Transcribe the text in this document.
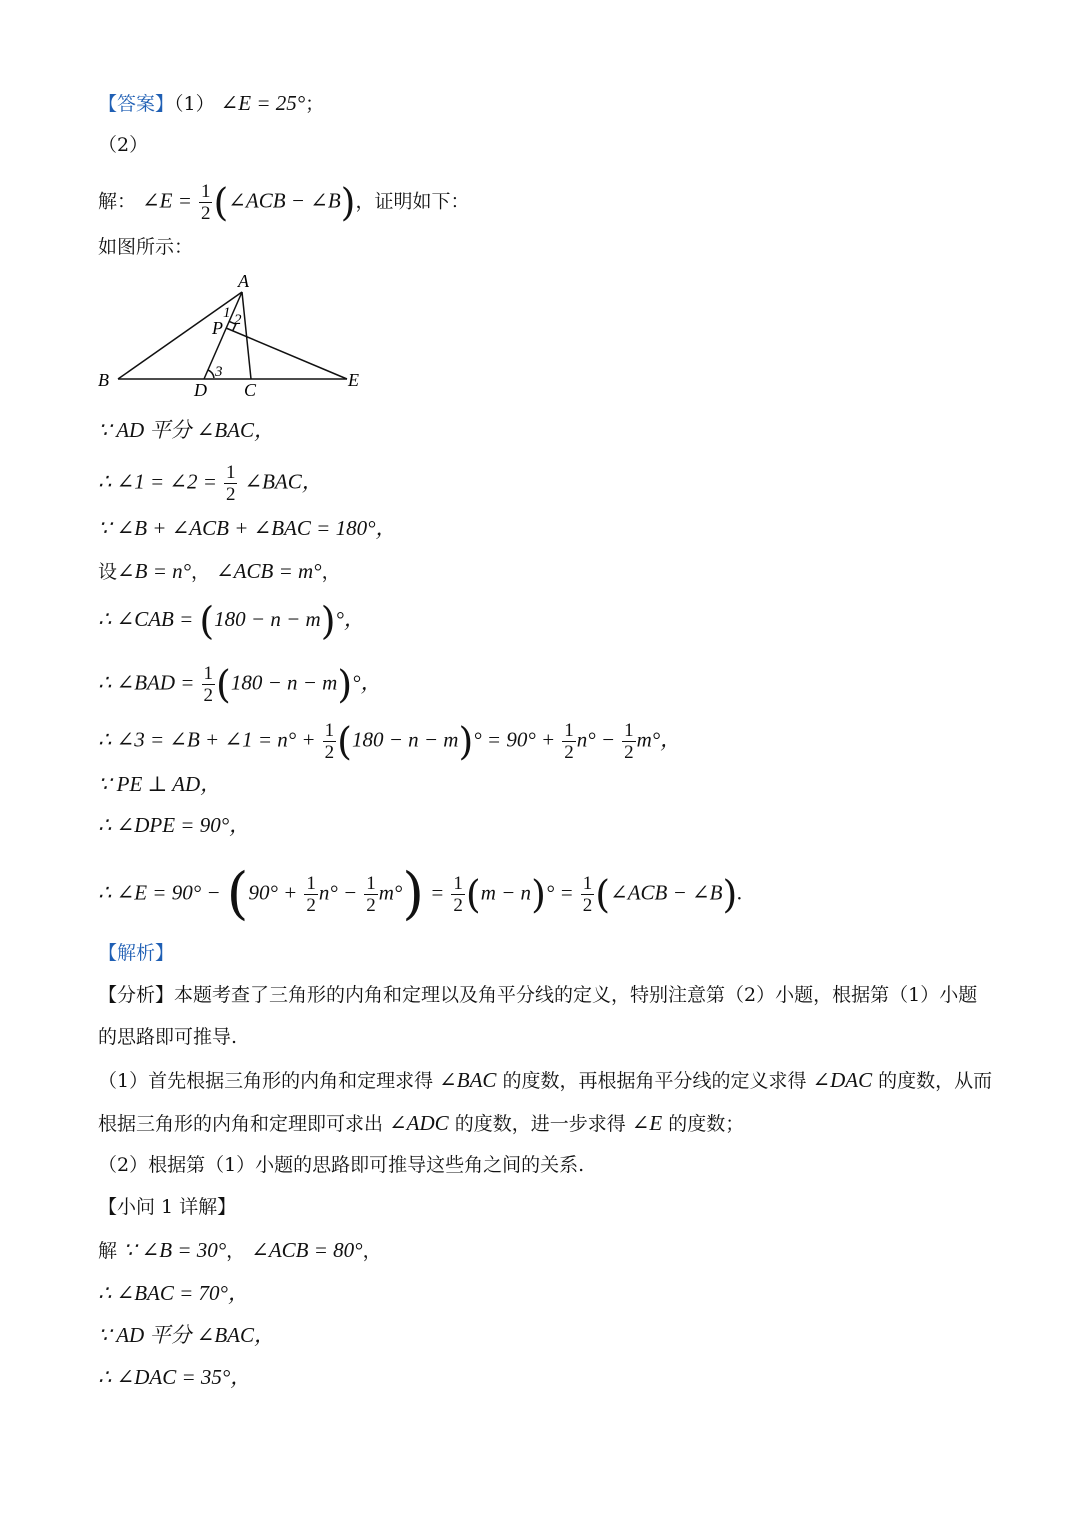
【答案】（1） ∠E = 25°；
（2）
解： ∠E = $\frac{1}{2}$ (∠ACB − ∠B)，证明如下：
如图所示：
A
B	C
D	E
P
1 2
3
∵ AD 平分 ∠BAC，
∴ ∠1 = ∠2 = $\frac{1}{2}$ ∠BAC，
∵ ∠B + ∠ACB + ∠BAC = 180°，
设∠B = n°， ∠ACB = m°，
∴ ∠CAB = (180 − n − m)°，
∴ ∠BAD = $\frac{1}{2} (180 - n - m)^\circ$，
∴ ∠3 = ∠B + ∠1 = $n^\circ + \frac{1}{2} (180 - n - m)^\circ = 90^\circ + \frac{1}{2} n^\circ - \frac{1}{2} m^\circ$，
∵ PE ⊥ AD，
∴ ∠DPE = 90°，
∴ ∠E = $90^\circ - (90^\circ + \frac{1}{2} n^\circ - \frac{1}{2} m^\circ) = \frac{1}{2} (m - n)^\circ = \frac{1}{2}$ (∠ACB − ∠B).
【解析】
【分析】本题考查了三角形的内角和定理以及角平分线的定义，特别注意第（2）小题，根据第（1）小题
的思路即可推导.
（1）首先根据三角形的内角和定理求得 ∠BAC 的度数，再根据角平分线的定义求得 ∠DAC 的度数，从而
根据三角形的内角和定理即可求出 ∠ADC 的度数，进一步求得 ∠E 的度数；
（2）根据第（1）小题的思路即可推导这些角之间的关系.
【小问 1 详解】
解 ∵ ∠B = 30°， ∠ACB = 80°，
∴ ∠BAC = 70°，
∵ AD 平分 ∠BAC，
∴ ∠DAC = 35°，
